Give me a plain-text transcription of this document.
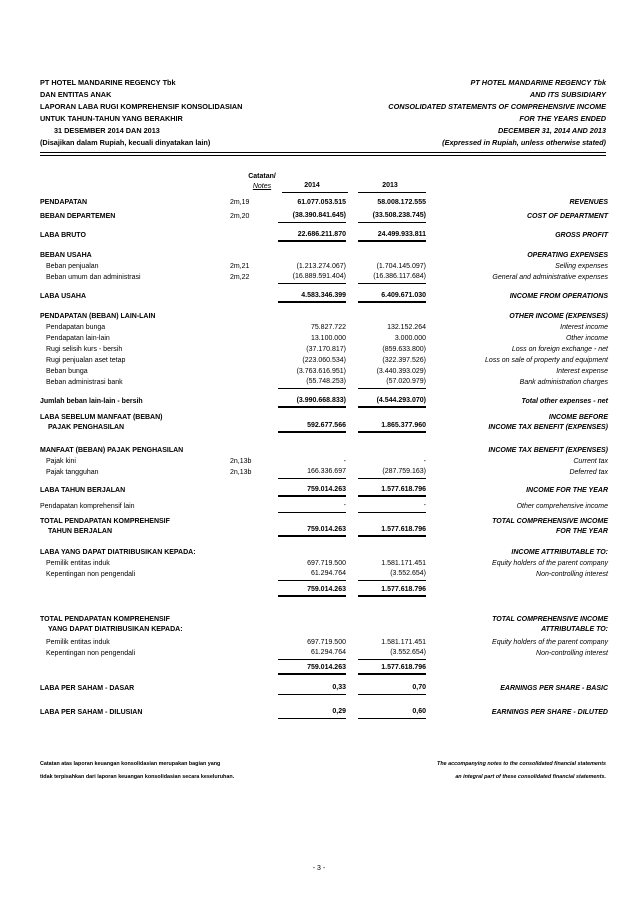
PT HOTEL MANDARINE REGENCY Tbk
DAN ENTITAS ANAK
LAPORAN LABA RUGI KOMPREHENSIF KONSOLIDASIAN
UNTUK TAHUN-TAHUN YANG BERAKHIR
31 DESEMBER 2014 DAN 2013
(Disajikan dalam Rupiah, kecuali dinyatakan lain)
PT HOTEL MANDARINE REGENCY Tbk
AND ITS SUBSIDIARY
CONSOLIDATED STATEMENTS OF COMPREHENSIVE INCOME
FOR THE YEARS ENDED
DECEMBER 31, 2014 AND 2013
(Expressed in Rupiah, unless otherwise stated)
Catatan/
Notes	2014	2013
PENDAPATAN	2m,19	61.077.053.515	58.008.172.555	REVENUES
BEBAN DEPARTEMEN	2m,20	(38.390.841.645)	(33.508.238.745)	COST OF DEPARTMENT
LABA BRUTO	22.686.211.870	24.499.933.811	GROSS PROFIT
BEBAN USAHA	OPERATING EXPENSES
Beban penjualan	2m,21	(1.213.274.067)	(1.704.145.097)	Selling expenses
Beban umum dan administrasi	2m,22	(16.889.591.404)	(16.386.117.684)	General and administrative expenses
LABA USAHA	4.583.346.399	6.409.671.030	INCOME FROM OPERATIONS
PENDAPATAN (BEBAN) LAIN-LAIN	OTHER INCOME (EXPENSES)
Pendapatan bunga	75.827.722	132.152.264	Interest income
Pendapatan lain-lain	13.100.000	3.000.000	Other income
Rugi selisih kurs - bersih	(37.170.817)	(859.633.800)	Loss on foreign exchange - net
Rugi penjualan aset tetap	(223.060.534)	(322.397.526)	Loss on sale of property and equipment
Beban bunga	(3.763.616.951)	(3.440.393.029)	Interest expense
Beban administrasi bank	(55.748.253)	(57.020.979)	Bank administration charges
Jumlah beban lain-lain - bersih	(3.990.668.833)	(4.544.293.070)	Total other expenses - net
LABA SEBELUM MANFAAT (BEBAN)
PAJAK PENGHASILAN	592.677.566	1.865.377.960
INCOME BEFORE
INCOME TAX BENEFIT (EXPENSES)
MANFAAT (BEBAN) PAJAK PENGHASILAN	INCOME TAX BENEFIT (EXPENSES)
Pajak kini	2n,13b	-	-	Current tax
Pajak tangguhan	2n,13b	166.336.697	(287.759.163)	Deferred tax
LABA TAHUN BERJALAN	759.014.263	1.577.618.796	INCOME FOR THE YEAR
Pendapatan komprehensif lain	-	-	Other comprehensive income
TOTAL PENDAPATAN KOMPREHENSIF
TAHUN BERJALAN	759.014.263	1.577.618.796
TOTAL COMPREHENSIVE INCOME
FOR THE YEAR
LABA YANG DAPAT DIATRIBUSIKAN KEPADA:	INCOME ATTRIBUTABLE TO:
Pemilik entitas induk	697.719.500	1.581.171.451	Equity holders of the parent company
Kepentingan non pengendali	61.294.764	(3.552.654)	Non-controlling interest
759.014.263	1.577.618.796
TOTAL PENDAPATAN KOMPREHENSIF
YANG DAPAT DIATRIBUSIKAN KEPADA:
TOTAL COMPREHENSIVE INCOME
ATTRIBUTABLE TO:
Pemilik entitas induk	697.719.500	1.581.171.451	Equity holders of the parent company
Kepentingan non pengendali	61.294.764	(3.552.654)	Non-controlling interest
759.014.263	1.577.618.796
LABA PER SAHAM - DASAR	0,33	0,70	EARNINGS PER SHARE - BASIC
LABA PER SAHAM - DILUSIAN	0,29	0,60	EARNINGS PER SHARE - DILUTED
Catatan atas laporan keuangan konsolidasian merupakan bagian yang
tidak terpisahkan dari laporan keuangan konsolidasian secara keseluruhan.
The accompanying notes to the consolidated financial statements
an integral part of these consolidated financial statements.
- 3 -
